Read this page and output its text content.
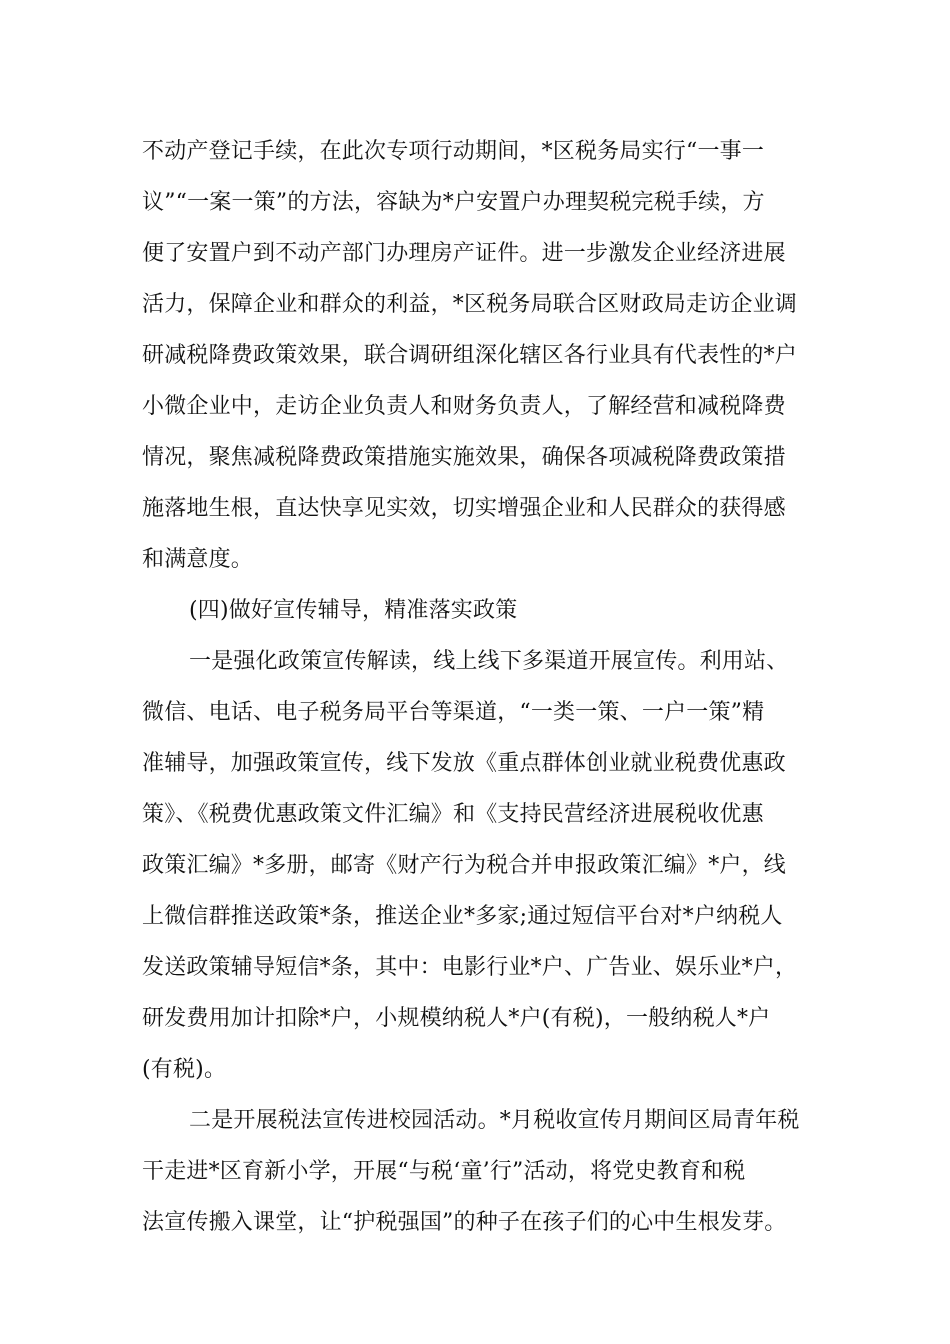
不动产登记手续，在此次专项行动期间，*区税务局实行“一事一
议”“一案一策”的方法，容缺为*户安置户办理契税完税手续，方
便了安置户到不动产部门办理房产证件。进一步激发企业经济进展
活力，保障企业和群众的利益，*区税务局联合区财政局走访企业调
研减税降费政策效果，联合调研组深化辖区各行业具有代表性的*户
小微企业中，走访企业负责人和财务负责人，了解经营和减税降费
情况，聚焦减税降费政策措施实施效果，确保各项减税降费政策措
施落地生根，直达快享见实效，切实增强企业和人民群众的获得感
和满意度。
(四)做好宣传辅导，精准落实政策
一是强化政策宣传解读，线上线下多渠道开展宣传。利用站、
微信、电话、电子税务局平台等渠道，“一类一策、一户一策”精
准辅导，加强政策宣传，线下发放《重点群体创业就业税费优惠政
策》、《税费优惠政策文件汇编》和《支持民营经济进展税收优惠
政策汇编》*多册，邮寄《财产行为税合并申报政策汇编》*户，线
上微信群推送政策*条，推送企业*多家;通过短信平台对*户纳税人
发送政策辅导短信*条，其中：电影行业*户、广告业、娱乐业*户，
研发费用加计扣除*户，小规模纳税人*户(有税)，一般纳税人*户
(有税)。
二是开展税法宣传进校园活动。*月税收宣传月期间区局青年税
干走进*区育新小学，开展“与税‘童’行”活动，将党史教育和税
法宣传搬入课堂，让“护税强国”的种子在孩子们的心中生根发芽。
